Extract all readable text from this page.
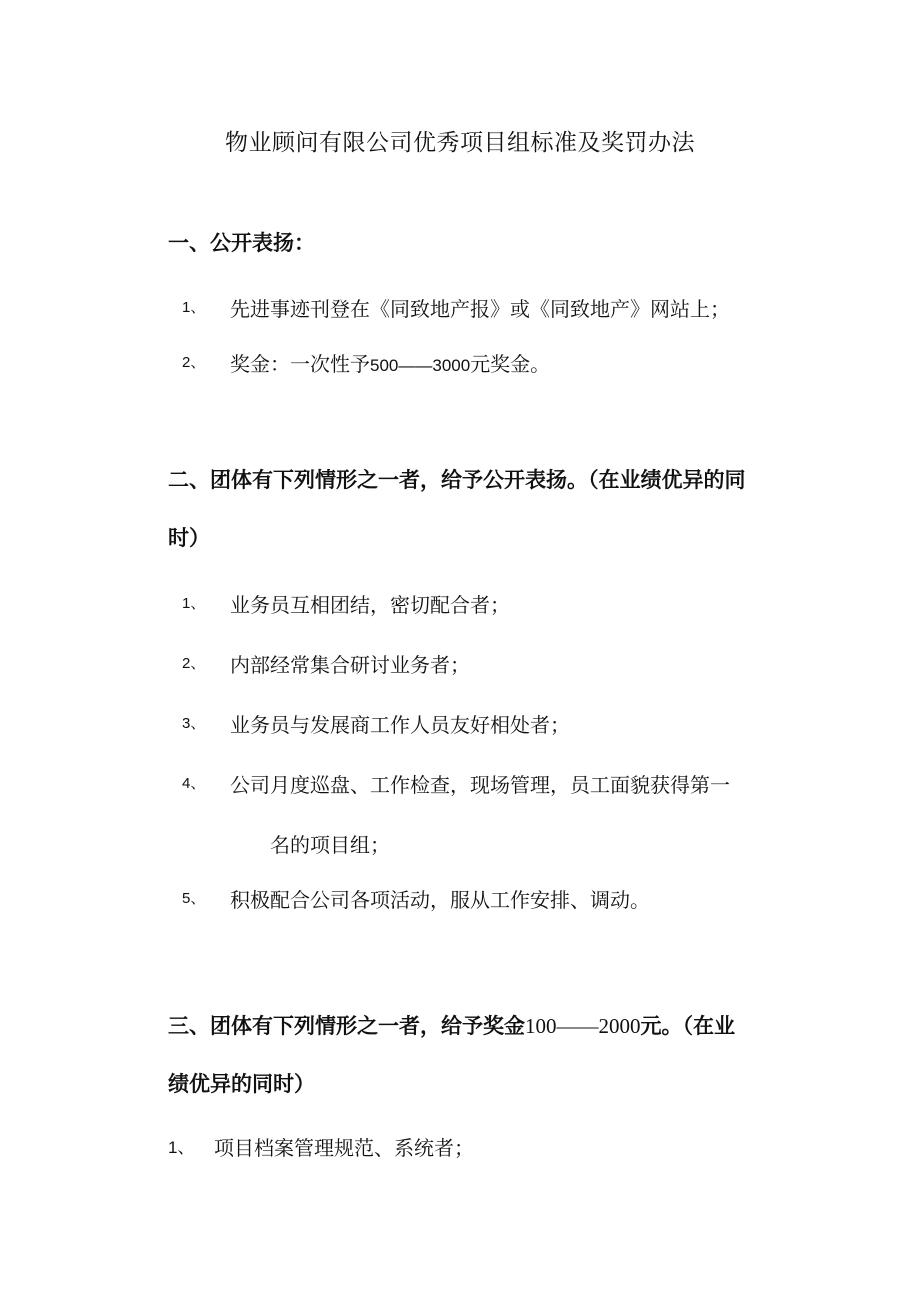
物业顾问有限公司优秀项目组标准及奖罚办法
一、公开表扬：
1、 先进事迹刊登在《同致地产报》或《同致地产》网站上；
2、 奖金：一次性予500——3000元奖金。
二、团体有下列情形之一者，给予公开表扬。（在业绩优异的同
时）
1、 业务员互相团结，密切配合者；
2、 内部经常集合研讨业务者；
3、 业务员与发展商工作人员友好相处者；
4、 公司月度巡盘、工作检查，现场管理，员工面貌获得第一
名的项目组；
5、 积极配合公司各项活动，服从工作安排、调动。
三、团体有下列情形之一者，给予奖金100——2000元。（在业
绩优异的同时）
1、 项目档案管理规范、系统者；
